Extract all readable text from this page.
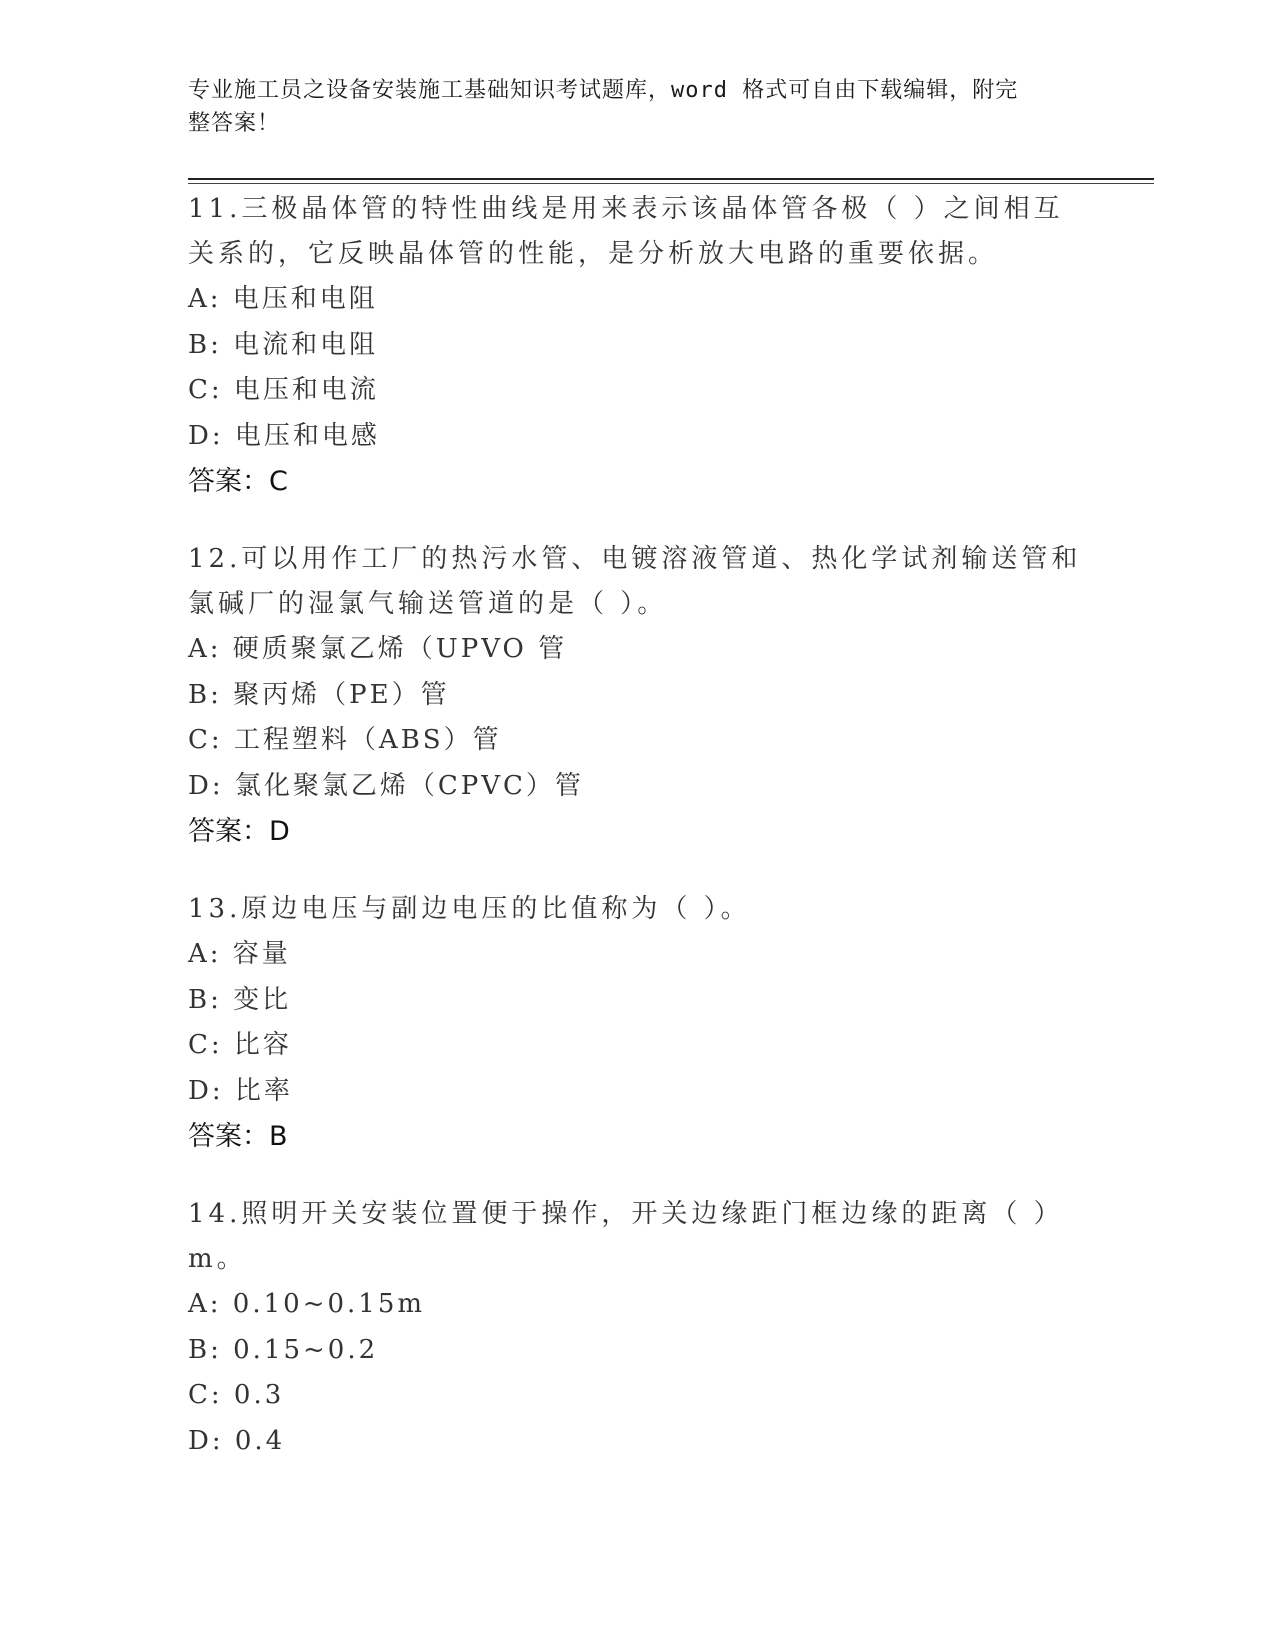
专业施工员之设备安装施工基础知识考试题库，word 格式可自由下载编辑，附完
整答案！
11.三极晶体管的特性曲线是用来表示该晶体管各极（ ）之间相互关系的，它反映晶体管的性能，是分析放大电路的重要依据。
A: 电压和电阻
B: 电流和电阻
C: 电压和电流
D: 电压和电感
答案：C
12.可以用作工厂的热污水管、电镀溶液管道、热化学试剂输送管和氯碱厂的湿氯气输送管道的是（ ）。
A: 硬质聚氯乙烯（UPVO 管
B: 聚丙烯（PE）管
C: 工程塑料（ABS）管
D: 氯化聚氯乙烯（CPVC）管
答案：D
13.原边电压与副边电压的比值称为（ ）。
A: 容量
B: 变比
C: 比容
D: 比率
答案：B
14.照明开关安装位置便于操作，开关边缘距门框边缘的距离（ ）m。
A: 0.10~0.15m
B: 0.15~0.2
C: 0.3
D: 0.4
